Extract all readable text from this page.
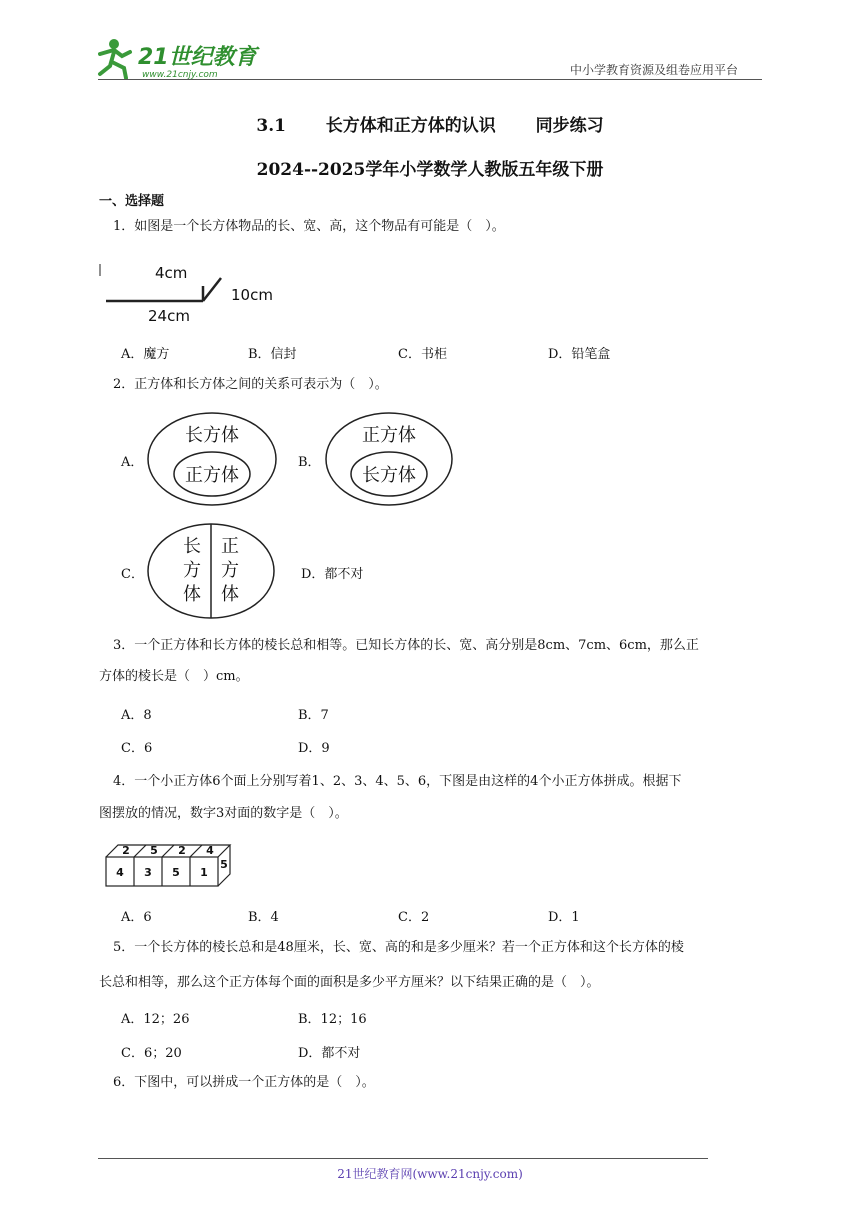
21世纪教育
www.21cnjy.com	中小学教育资源及组卷应用平台
3.1 长方体和正方体的认识 同步练习
2024--2025学年小学数学人教版五年级下册
一、选择题
1．如图是一个长方体物品的长、宽、高，这个物品有可能是（　）。
4cm
10cm
24cm
A．魔方	B．信封	C．书柜	D．铅笔盒
2．正方体和长方体之间的关系可表示为（　）。
A．
长方体
正方体
B．
正方体
长方体
C．
长
方
体
正
方
体
D．都不对
3．一个正方体和长方体的棱长总和相等。已知长方体的长、宽、高分别是8cm、7cm、6cm，那么正
方体的棱长是（　）cm。
A．8	B．7
C．6	D．9
4．一个小正方体6个面上分别写着1、2、3、4、5、6，下图是由这样的4个小正方体拼成。根据下
图摆放的情况，数字3对面的数字是（　）。
2 5 2 4
4 3 5 1
5
A．6	B．4	C．2	D．1
5．一个长方体的棱长总和是48厘米，长、宽、高的和是多少厘米？若一个正方体和这个长方体的棱
长总和相等，那么这个正方体每个面的面积是多少平方厘米？以下结果正确的是（　）。
A．12；26	B．12；16
C．6；20	D．都不对
6．下图中，可以拼成一个正方体的是（　）。
21世纪教育网(www.21cnjy.com)
